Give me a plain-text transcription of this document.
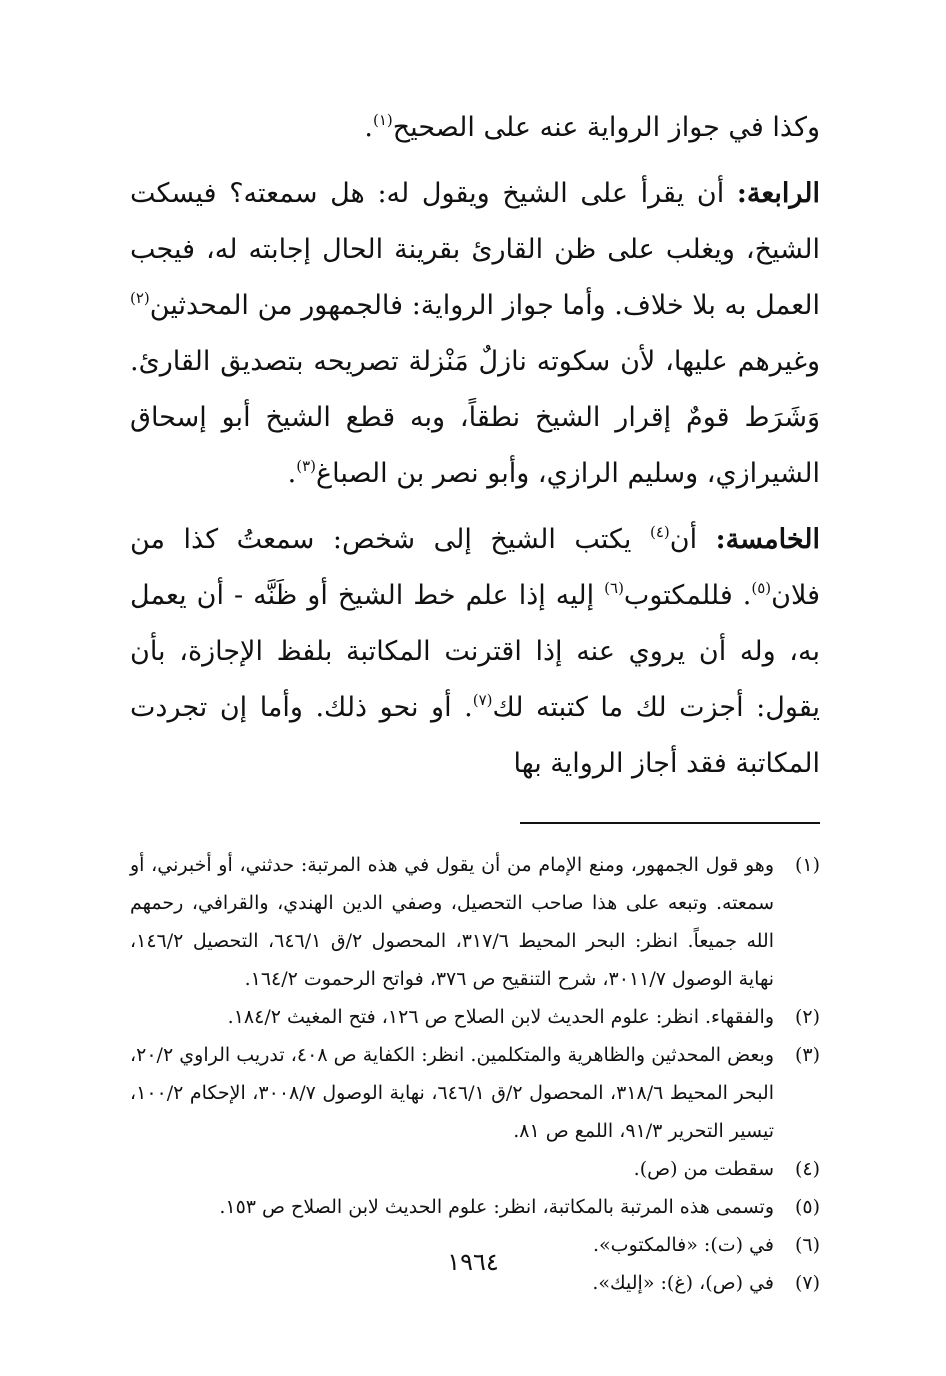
وكذا في جواز الرواية عنه على الصحيح$^{(١)}$.

الرابعة: أن يقرأ على الشيخ ويقول له: هل سمعته؟ فيسكت الشيخ، ويغلب على ظن القارئ بقرينة الحال إجابته له، فيجب العمل به بلا خلاف. وأما جواز الرواية: فالجمهور من المحدثين$^{(٢)}$ وغيرهم عليها، لأن سكوته نازلٌ مَنْزلة تصريحه بتصديق القارئ. وَشَرَط قومٌ إقرار الشيخ نطقاً، وبه قطع الشيخ أبو إسحاق الشيرازي، وسليم الرازي، وأبو نصر بن الصباغ$^{(٣)}$.

الخامسة: أن$^{(٤)}$ يكتب الشيخ إلى شخص: سمعتُ كذا من فلان$^{(٥)}$. فللمكتوب$^{(٦)}$ إليه إذا علم خط الشيخ أو ظَنَّه - أن يعمل به، وله أن يروي عنه إذا اقترنت المكاتبة بلفظ الإجازة، بأن يقول: أجزت لك ما كتبته لك$^{(٧)}$. أو نحو ذلك. وأما إن تجردت المكاتبة فقد أجاز الرواية بها

(١)
وهو قول الجمهور، ومنع الإمام من أن يقول في هذه المرتبة: حدثني، أو أخبرني، أو سمعته. وتبعه على هذا صاحب التحصيل، وصفي الدين الهندي، والقرافي، رحمهم الله جميعاً. انظر: البحر المحيط ٣١٧/٦، المحصول ٢/ق ٦٤٦/١، التحصيل ١٤٦/٢، نهاية الوصول ٣٠١١/٧، شرح التنقيح ص ٣٧٦، فواتح الرحموت ١٦٤/٢.
(٢)
والفقهاء. انظر: علوم الحديث لابن الصلاح ص ١٢٦، فتح المغيث ١٨٤/٢.
(٣)
وبعض المحدثين والظاهرية والمتكلمين. انظر: الكفاية ص ٤٠٨، تدريب الراوي ٢٠/٢، البحر المحيط ٣١٨/٦، المحصول ٢/ق ٦٤٦/١، نهاية الوصول ٣٠٠٨/٧، الإحكام ١٠٠/٢، تيسير التحرير ٩١/٣، اللمع ص ٨١.
(٤)
سقطت من (ص).
(٥)
وتسمى هذه المرتبة بالمكاتبة، انظر: علوم الحديث لابن الصلاح ص ١٥٣.
(٦)
في (ت): «فالمكتوب».
(٧)
في (ص)، (غ): «إليك».
١٩٦٤
